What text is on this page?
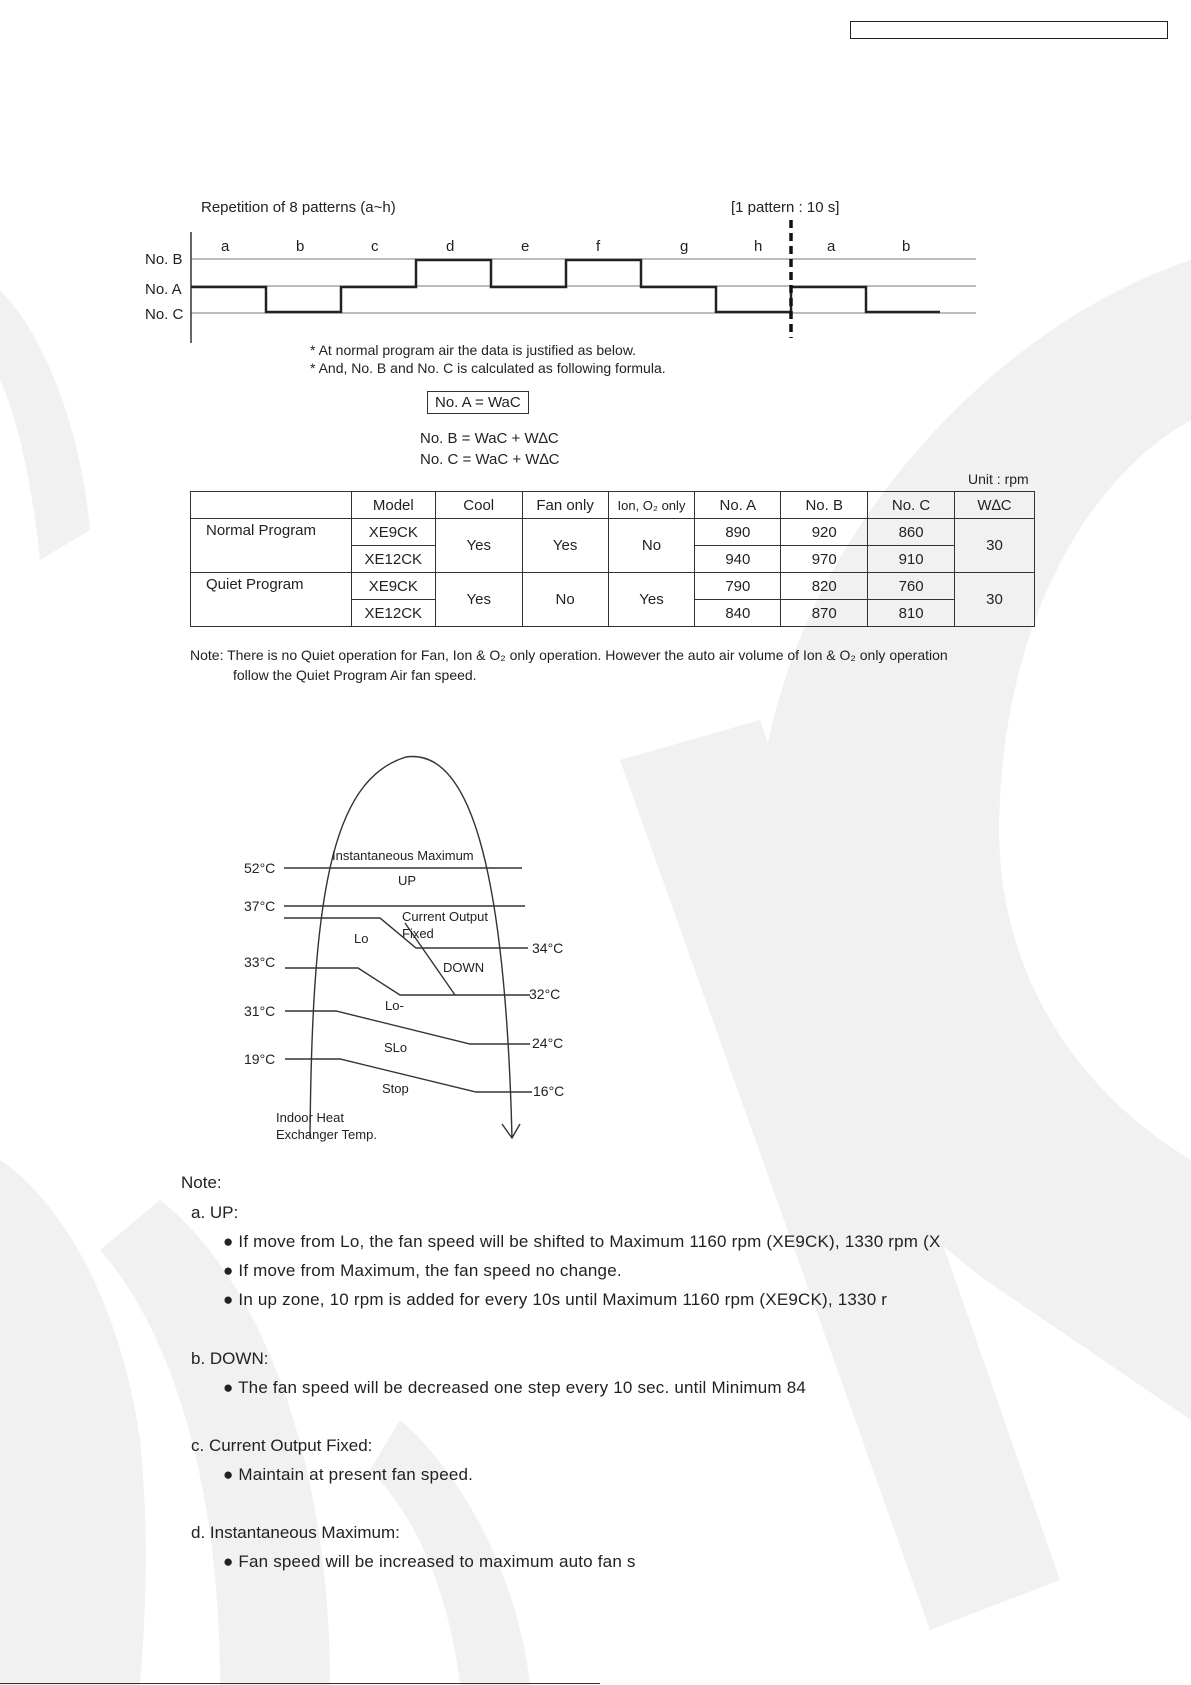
Repetition of 8 patterns (a~h)	[1 pattern : 10 s]
No. B
No. A
No. C
a	b	c	d	e	f	g	h	a	b
* At normal program air the data is justified as below.
* And, No. B and No. C is calculated as following formula.
No. A = WaC
No. B = WaC + W∆C
No. C = WaC + W∆C
Unit : rpm
	Model	Cool	Fan only	Ion, O₂ only	No. A	No. B	No. C	W∆C
Normal Program	XE9CK	Yes	Yes	No	890	920	860	30
	XE12CK				940	970	910	
Quiet Program	XE9CK	Yes	No	Yes	790	820	760	30
	XE12CK				840	870	810	
Note: There is no Quiet operation for Fan, Ion & O₂ only operation. However the auto air volume of Ion & O₂ only operation
follow the Quiet Program Air fan speed.
52°C
37°C
33°C
31°C
19°C
34°C
32°C
24°C
16°C
Instantaneous Maximum
UP
Current Output
Fixed
Lo
DOWN
Lo-
SLo
Stop
Indoor Heat
Exchanger Temp.
Note:
a. UP:
● If move from Lo, the fan speed will be shifted to Maximum 1160 rpm (XE9CK), 1330 rpm (X
● If move from Maximum, the fan speed no change.
● In up zone, 10 rpm is added for every 10s until Maximum 1160 rpm (XE9CK), 1330 r
b. DOWN:
● The fan speed will be decreased one step every 10 sec. until Minimum 84
c. Current Output Fixed:
● Maintain at present fan speed.
d. Instantaneous Maximum:
● Fan speed will be increased to maximum auto fan s
